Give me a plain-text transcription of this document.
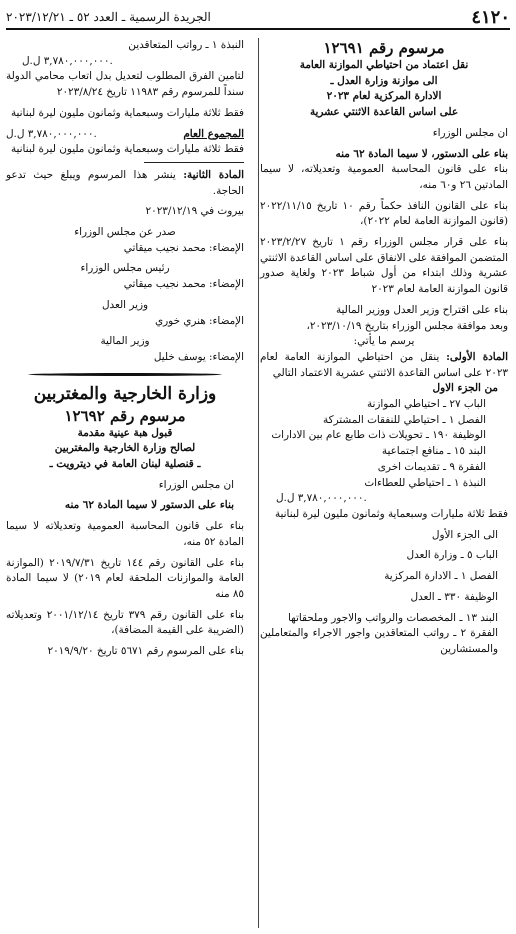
٤١٢٠
الجريدة الرسمية ـ العدد ٥٢ ـ ٢٠٢٣/١٢/٢١

مرسوم رقم ١٢٦٩١

نقل اعتماد من احتياطي الموازنة العامة

الى موازنة وزارة العدل ـ

الادارة المركزية لعام ٢٠٢٣

على اساس القاعدة الاثنتي عشرية

ان مجلس الوزراء

بناء على الدستور، لا سيما المادة ٦٢ منه

بناء على قانون المحاسبة العمومية وتعديلاته، لا سيما المادتين ٢٦ و٦٠ منه،

بناء على القانون النافذ حكماً رقم ١٠ تاريخ ٢٠٢٢/١١/١٥ (قانون الموازنة العامة لعام ٢٠٢٢)،

بناء على قرار مجلس الوزراء رقم ١ تاريخ ٢٠٢٣/٢/٢٧ المتضمن الموافقة على الانفاق على اساس القاعدة الاثنتي عشرية وذلك ابتداء من أول شباط ٢٠٢٣ ولغاية صدور قانون الموازنة العامة لعام ٢٠٢٣

بناء على اقتراح وزير العدل ووزير المالية

وبعد موافقة مجلس الوزراء بتاريخ ٢٠٢٣/١٠/١٩،

يرسم ما يأتي:

المادة الأولى: ينقل من احتياطي الموازنة العامة لعام ٢٠٢٣ على اساس القاعدة الاثنتي عشرية الاعتماد التالي

من الجزء الاول

الباب ٢٧ ـ احتياطي الموازنة

الفصل ١ ـ احتياطي للنفقات المشتركة

الوظيفة ١٩٠ ـ تحويلات ذات طابع عام بين الادارات

البند ١٥ ـ منافع اجتماعية

الفقرة ٩ ـ تقديمات اخرى

النبذة ١ ـ احتياطي للعطاءات

٣,٧٨٠,٠٠٠,٠٠٠ ل.ل.

فقط ثلاثة مليارات وسبعماية وثمانون مليون ليرة لبنانية

الى الجزء الأول

الباب ٥ ـ وزارة العدل

الفصل ١ ـ الادارة المركزية

الوظيفة ٣٣٠ ـ العدل

البند ١٣ ـ المخصصات والرواتب والاجور وملحقاتها

الفقرة ٢ ـ رواتب المتعاقدين واجور الاجراء والمتعاملين والمستشارين

النبذة ١ ـ رواتب المتعاقدين

٣,٧٨٠,٠٠٠,٠٠٠ ل.ل.

لتامين الفرق المطلوب لتعديل بدل اتعاب محامي الدولة سنداً للمرسوم رقم ١١٩٨٣ تاريخ ٢٠٢٣/٨/٢٤

فقط ثلاثة مليارات وسبعماية وثمانون مليون ليرة لبنانية

المجموع العام
٣,٧٨٠,٠٠٠,٠٠٠ ل.ل.

فقط ثلاثة مليارات وسبعماية وثمانون مليون ليرة لبنانية

المادة الثانية: ينشر هذا المرسوم ويبلغ حيث تدعو الحاجة.

بيروت في ٢٠٢٣/١٢/١٩

صدر عن مجلس الوزراء

الإمضاء: محمد نجيب ميقاتي

رئيس مجلس الوزراء

الإمضاء: محمد نجيب ميقاتي

وزير العدل

الإمضاء: هنري خوري

وزير المالية

الإمضاء: يوسف خليل

وزارة الخارجية والمغتربين

مرسوم رقم ١٢٦٩٢

قبول هبة عينية مقدمة

لصالح وزارة الخارجية والمغتربين

ـ قنصلية لبنان العامة في ديترويت ـ

ان مجلس الوزراء

بناء على الدستور لا سيما المادة ٦٢ منه

بناء على قانون المحاسبة العمومية وتعديلاته لا سيما المادة ٥٢ منه،

بناء على القانون رقم ١٤٤ تاريخ ٢٠١٩/٧/٣١ (الموازنة العامة والموازنات الملحقة لعام ٢٠١٩) لا سيما المادة ٨٥ منه

بناء على القانون رقم ٣٧٩ تاريخ ٢٠٠١/١٢/١٤ وتعديلاته (الضريبة على القيمة المضافة)،

بناء على المرسوم رقم ٥٦٧١ تاريخ ٢٠١٩/٩/٢٠
